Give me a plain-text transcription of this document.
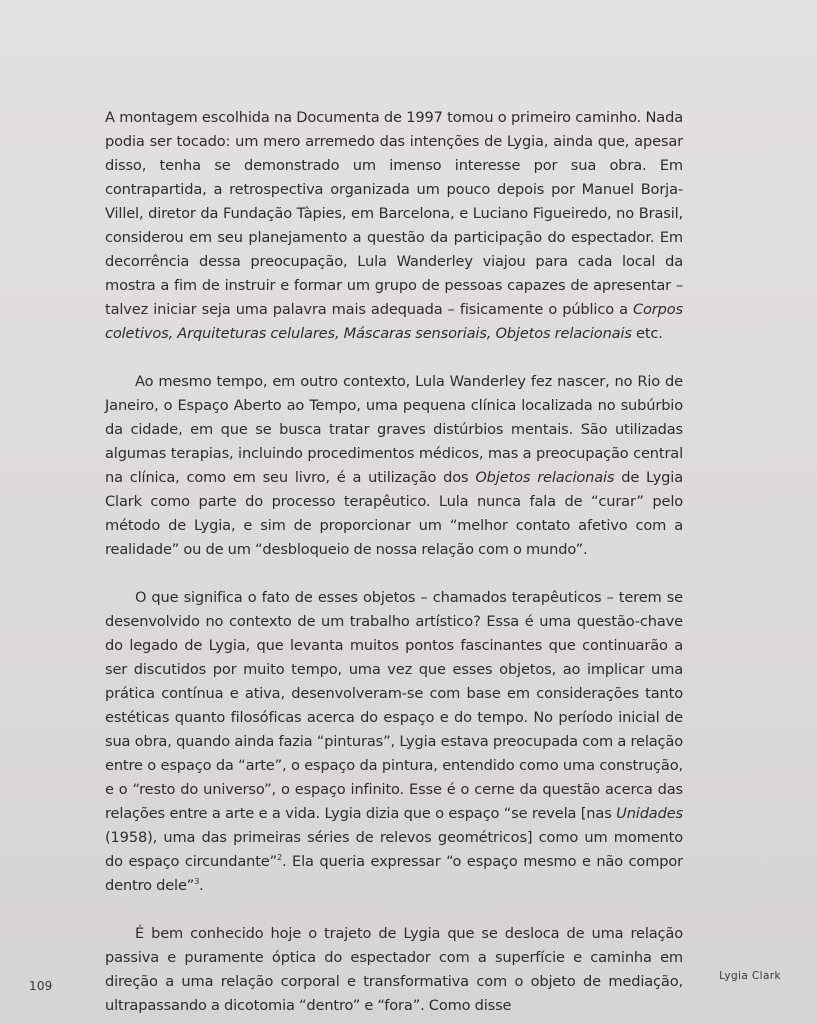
A montagem escolhida na Documenta de 1997 tomou o primeiro caminho. Nada podia ser tocado: um mero arremedo das intenções de Lygia, ainda que, apesar disso, tenha se demonstrado um imenso interesse por sua obra. Em contrapartida, a retrospectiva organizada um pouco depois por Manuel Borja-Villel, diretor da Fundação Tàpies, em Barcelona, e Luciano Figueiredo, no Brasil, considerou em seu planejamento a questão da participação do espectador. Em decorrência dessa preocupação, Lula Wanderley viajou para cada local da mostra a fim de instruir e formar um grupo de pessoas capazes de apresentar – talvez iniciar seja uma palavra mais adequada – fisicamente o público a Corpos coletivos, Arquiteturas celulares, Máscaras sensoriais, Objetos relacionais etc.

Ao mesmo tempo, em outro contexto, Lula Wanderley fez nascer, no Rio de Janeiro, o Espaço Aberto ao Tempo, uma pequena clínica localizada no subúrbio da cidade, em que se busca tratar graves distúrbios mentais. São utilizadas algumas terapias, incluindo procedimentos médicos, mas a preocupação central na clínica, como em seu livro, é a utilização dos Objetos relacionais de Lygia Clark como parte do processo terapêutico. Lula nunca fala de “curar” pelo método de Lygia, e sim de proporcionar um “melhor contato afetivo com a realidade” ou de um “desbloqueio de nossa relação com o mundo”.

O que significa o fato de esses objetos – chamados terapêuticos – terem se desenvolvido no contexto de um trabalho artístico? Essa é uma questão-chave do legado de Lygia, que levanta muitos pontos fascinantes que continuarão a ser discutidos por muito tempo, uma vez que esses objetos, ao implicar uma prática contínua e ativa, desenvolveram-se com base em considerações tanto estéticas quanto filosóficas acerca do espaço e do tempo. No período inicial de sua obra, quando ainda fazia “pinturas”, Lygia estava preocupada com a relação entre o espaço da “arte”, o espaço da pintura, entendido como uma construção, e o “resto do universo”, o espaço infinito. Esse é o cerne da questão acerca das relações entre a arte e a vida. Lygia dizia que o espaço “se revela [nas Unidades (1958), uma das primeiras séries de relevos geométricos] como um momento do espaço circundante”$^2$. Ela queria expressar “o espaço mesmo e não compor dentro dele”$^3$.

É bem conhecido hoje o trajeto de Lygia que se desloca de uma relação passiva e puramente óptica do espectador com a superfície e caminha em direção a uma relação corporal e transformativa com o objeto de mediação, ultrapassando a dicotomia “dentro” e “fora”. Como disse

109
Lygia Clark
